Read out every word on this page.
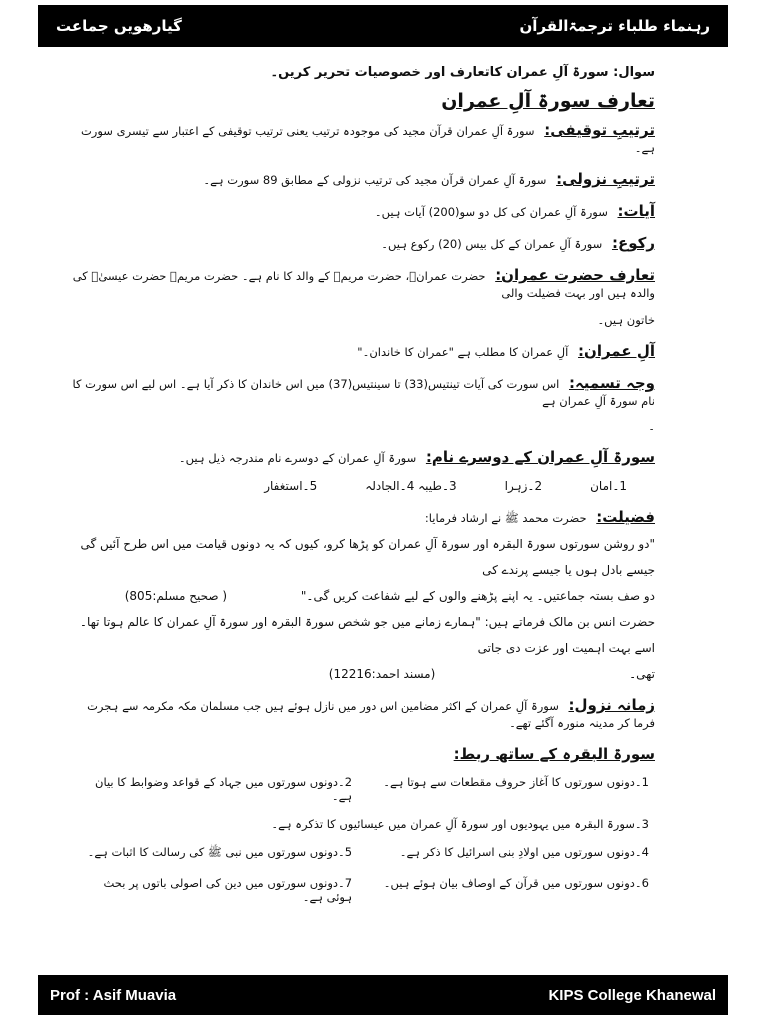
گیارھویں جماعت	رہنماء طلباء ترجمۃالقرآن

سوال: سورۃ آلِ عمران کاتعارف اور خصوصیات تحریر کریں۔

تعارف سورۃ آلِ عمران

ترتیبِ توقیفی: سورۃ آلِ عمران قرآن مجید کی موجودہ ترتیب یعنی ترتیب توقیفی کے اعتبار سے تیسری سورت ہے۔

ترتیبِ نزولی: سورۃ آلِ عمران قرآن مجید کی ترتیب نزولی کے مطابق 89 سورت ہے۔

آیات: سورۃ آلِ عمران کی کل دو سو(200) آیات ہیں۔

رکوع: سورۃ آلِ عمران کے کل بیس (20) رکوع ہیں۔

تعارف حضرت عمران: حضرت عمرانؑ، حضرت مریمؑ کے والد کا نام ہے۔ حضرت مریمؑ حضرت عیسیٰؑ کی والدہ ہیں اور بہت فضیلت والی

خاتون ہیں۔

آلِ عمران: آلِ عمران کا مطلب ہے "عمران کا خاندان۔"

وجہ تسمیہ: اس سورت کی آیات تینتیس(33) تا سینتیس(37) میں اس خاندان کا ذکر آیا ہے۔ اس لیے اس سورت کا نام سورۃ آلِ عمران ہے

۔

سورۃ آلِ عمران کے دوسرے نام: سورۃ آلِ عمران کے دوسرے نام مندرجہ ذیل ہیں۔

1۔امان
2۔زہرا
3۔طیبہ 4۔الجادلہ
5۔استغفار

فضیلت: حضرت محمد ﷺ نے ارشاد فرمایا:

"دو روشن سورتوں سورۃ البقرہ اور سورۃ آلِ عمران کو پڑھا کرو، کیوں کہ یہ دونوں قیامت میں اس طرح آئیں گی جیسے بادل ہوں یا جیسے پرندے کی

دو صف بستہ جماعتیں۔ یہ اپنے پڑھنے والوں کے لیے شفاعت کریں گی۔" ( صحیح مسلم:805)

حضرت انس بن مالک فرماتے ہیں: "ہمارے زمانے میں جو شخص سورۃ البقرہ اور سورۃ آلِ عمران کا عالم ہوتا تھا۔ اسے بہت اہمیت اور عزت دی جاتی

تھی۔ (مسند احمد:12216)

زمانہ نزول: سورۃ آلِ عمران کے اکثر مضامین اس دور میں نازل ہوئے ہیں جب مسلمان مکہ مکرمہ سے ہجرت فرما کر مدینہ منورہ آگئے تھے۔

سورۃ البقرہ کے ساتھ ربط:

1۔دونوں سورتوں کا آغاز حروف مقطعات سے ہوتا ہے۔
2۔دونوں سورتوں میں جہاد کے قواعد وضوابط کا بیان ہے۔

3۔سورۃ البقرہ میں یہودیوں اور سورۃ آلِ عمران میں عیسائیوں کا تذکرہ ہے۔

4۔دونوں سورتوں میں اولادِ بنی اسرائیل کا ذکر ہے۔
5۔دونوں سورتوں میں نبی ﷺ کی رسالت کا اثبات ہے۔
6۔دونوں سورتوں میں قرآن کے اوصاف بیان ہوئے ہیں۔
7۔دونوں سورتوں میں دین کی اصولی باتوں پر بحث ہوئی ہے۔
Prof : Asif Muavia	KIPS College Khanewal
